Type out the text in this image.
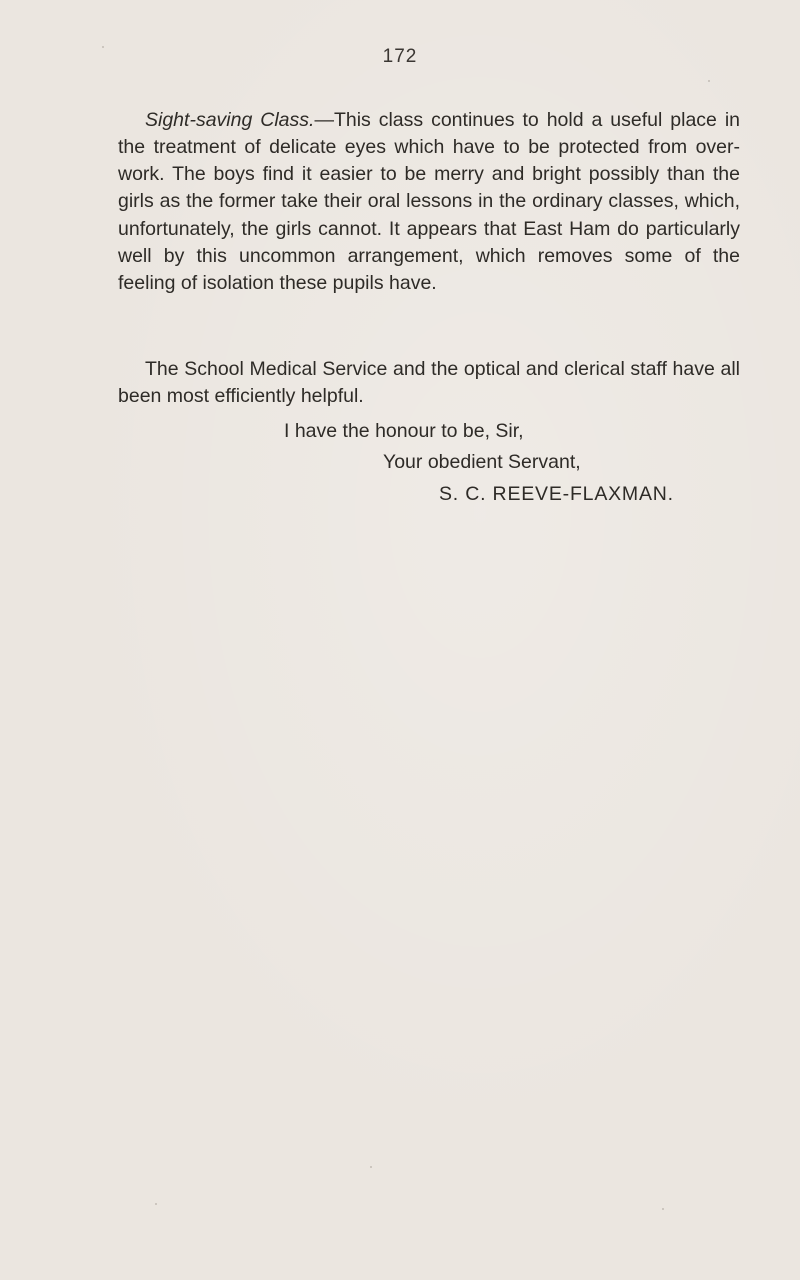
172

Sight-saving Class.—This class continues to hold a useful place in the treatment of delicate eyes which have to be protected from over-work. The boys find it easier to be merry and bright possibly than the girls as the former take their oral lessons in the ordinary classes, which, unfortunately, the girls cannot. It appears that East Ham do particularly well by this uncommon arrangement, which removes some of the feeling of isolation these pupils have.

The School Medical Service and the optical and clerical staff have all been most efficiently helpful.

I have the honour to be, Sir,
Your obedient Servant,
S. C. REEVE-FLAXMAN.
